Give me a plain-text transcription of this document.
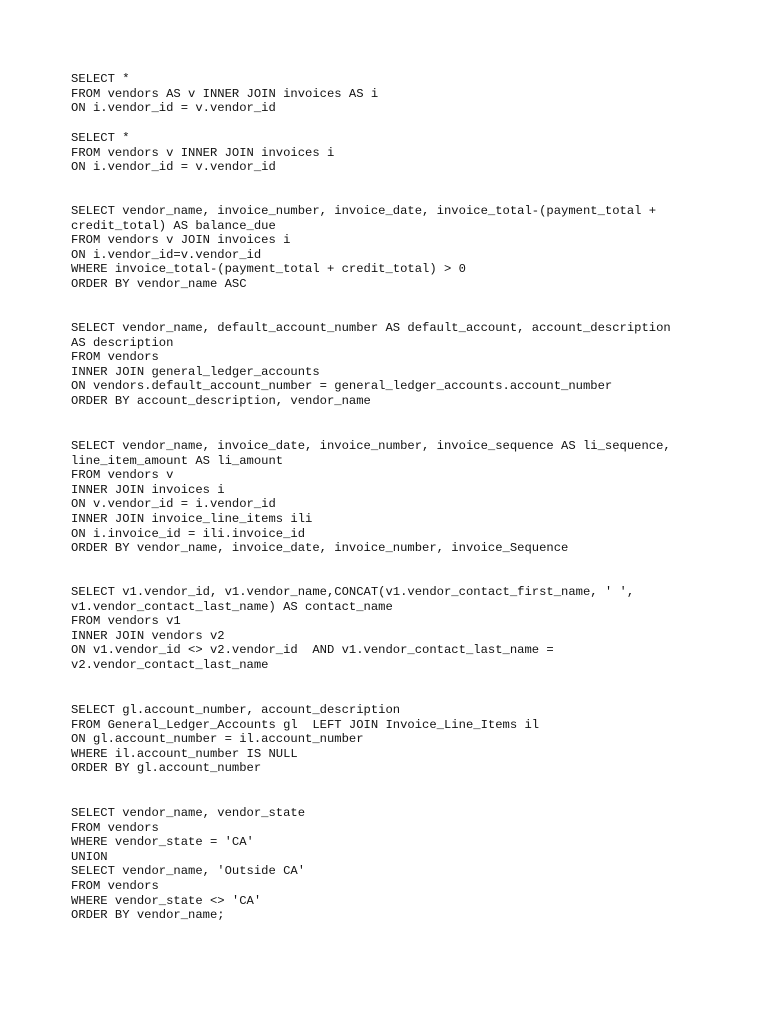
SELECT *
FROM vendors AS v INNER JOIN invoices AS i
ON i.vendor_id = v.vendor_id
SELECT *
FROM vendors v INNER JOIN invoices i
ON i.vendor_id = v.vendor_id
SELECT vendor_name, invoice_number, invoice_date, invoice_total-(payment_total +
credit_total) AS balance_due
FROM vendors v JOIN invoices i
ON i.vendor_id=v.vendor_id
WHERE invoice_total-(payment_total + credit_total) > 0
ORDER BY vendor_name ASC
SELECT vendor_name, default_account_number AS default_account, account_description
AS description
FROM vendors
INNER JOIN general_ledger_accounts
ON vendors.default_account_number = general_ledger_accounts.account_number
ORDER BY account_description, vendor_name
SELECT vendor_name, invoice_date, invoice_number, invoice_sequence AS li_sequence,
line_item_amount AS li_amount
FROM vendors v
INNER JOIN invoices i
ON v.vendor_id = i.vendor_id
INNER JOIN invoice_line_items ili
ON i.invoice_id = ili.invoice_id
ORDER BY vendor_name, invoice_date, invoice_number, invoice_Sequence
SELECT v1.vendor_id, v1.vendor_name,CONCAT(v1.vendor_contact_first_name, ' ',
v1.vendor_contact_last_name) AS contact_name
FROM vendors v1
INNER JOIN vendors v2
ON v1.vendor_id <> v2.vendor_id  AND v1.vendor_contact_last_name =
v2.vendor_contact_last_name
SELECT gl.account_number, account_description
FROM General_Ledger_Accounts gl  LEFT JOIN Invoice_Line_Items il
ON gl.account_number = il.account_number
WHERE il.account_number IS NULL
ORDER BY gl.account_number
SELECT vendor_name, vendor_state
FROM vendors
WHERE vendor_state = 'CA'
UNION
SELECT vendor_name, 'Outside CA'
FROM vendors
WHERE vendor_state <> 'CA'
ORDER BY vendor_name;
